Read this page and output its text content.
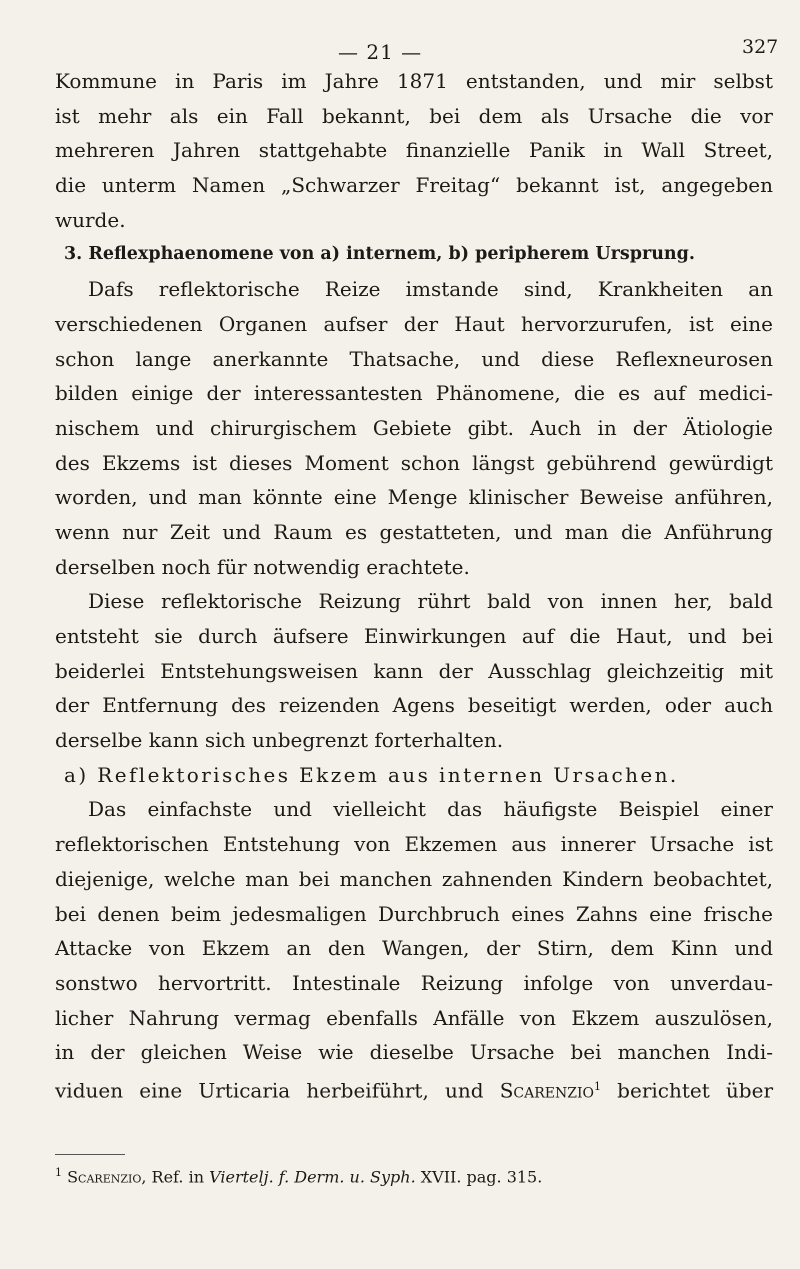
— 21 —	327
Kommune in Paris im Jahre 1871 entstanden, und mir selbst
ist mehr als ein Fall bekannt, bei dem als Ursache die vor
mehreren Jahren stattgehabte finanzielle Panik in Wall Street,
die unterm Namen „Schwarzer Freitag“ bekannt ist, angegeben
wurde.
3. Reflexphaenomene von a) internem, b) peripherem Ursprung.
Dafs reflektorische Reize imstande sind, Krankheiten an
verschiedenen Organen aufser der Haut hervorzurufen, ist eine
schon lange anerkannte Thatsache, und diese Reflexneurosen
bilden einige der interessantesten Phänomene, die es auf medici-
nischem und chirurgischem Gebiete gibt. Auch in der Ätiologie
des Ekzems ist dieses Moment schon längst gebührend gewürdigt
worden, und man könnte eine Menge klinischer Beweise anführen,
wenn nur Zeit und Raum es gestatteten, und man die Anführung
derselben noch für notwendig erachtete.
Diese reflektorische Reizung rührt bald von innen her, bald
entsteht sie durch äufsere Einwirkungen auf die Haut, und bei
beiderlei Entstehungsweisen kann der Ausschlag gleichzeitig mit
der Entfernung des reizenden Agens beseitigt werden, oder auch
derselbe kann sich unbegrenzt forterhalten.
a) Reflektorisches Ekzem aus internen Ursachen.
Das einfachste und vielleicht das häufigste Beispiel einer
reflektorischen Entstehung von Ekzemen aus innerer Ursache ist
diejenige, welche man bei manchen zahnenden Kindern beobachtet,
bei denen beim jedesmaligen Durchbruch eines Zahns eine frische
Attacke von Ekzem an den Wangen, der Stirn, dem Kinn und
sonstwo hervortritt. Intestinale Reizung infolge von unverdau-
licher Nahrung vermag ebenfalls Anfälle von Ekzem auszulösen,
in der gleichen Weise wie dieselbe Ursache bei manchen Indi-
viduen eine Urticaria herbeiführt, und Scarenzio$^1$ berichtet über
$^1$ Scarenzio, Ref. in Viertelj. f. Derm. u. Syph. XVII. pag. 315.
